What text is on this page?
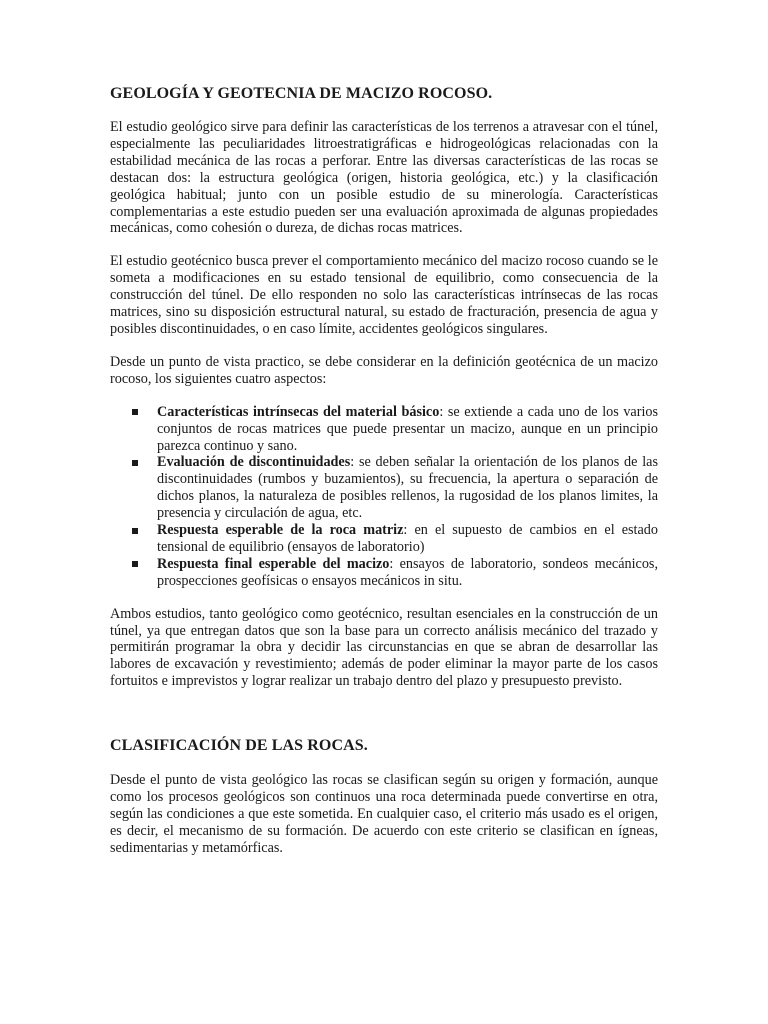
GEOLOGÍA Y GEOTECNIA DE MACIZO ROCOSO.

El estudio geológico sirve para definir las características de los terrenos a atravesar con el túnel, especialmente las peculiaridades litroestratigráficas e hidrogeológicas relacionadas con la estabilidad mecánica de las rocas a perforar. Entre las diversas características de las rocas se destacan dos: la estructura geológica (origen, historia geológica, etc.) y la clasificación geológica habitual; junto con un posible estudio de su minerología. Características complementarias a este estudio pueden ser una evaluación aproximada de algunas propiedades mecánicas, como cohesión o dureza, de dichas rocas matrices.

El estudio geotécnico busca prever el comportamiento mecánico del macizo rocoso cuando se le someta a modificaciones en su estado tensional de equilibrio, como consecuencia de la construcción del túnel. De ello responden no solo las características intrínsecas de las rocas matrices, sino su disposición estructural natural, su estado de fracturación, presencia de agua y posibles discontinuidades, o en caso límite, accidentes geológicos singulares.

Desde un punto de vista practico, se debe considerar en la definición geotécnica de un macizo rocoso, los siguientes cuatro aspectos:

Características intrínsecas del material básico: se extiende a cada uno de los varios conjuntos de rocas matrices que puede presentar un macizo, aunque en un principio parezca continuo y sano.
Evaluación de discontinuidades: se deben señalar la orientación de los planos de las discontinuidades (rumbos y buzamientos), su frecuencia, la apertura o separación de dichos planos, la naturaleza de posibles rellenos, la rugosidad de los planos limites, la presencia y circulación de agua, etc.
Respuesta esperable de la roca matriz: en el supuesto de cambios en el estado tensional de equilibrio (ensayos de laboratorio)
Respuesta final esperable del macizo: ensayos de laboratorio, sondeos mecánicos, prospecciones geofísicas o ensayos mecánicos in situ.

Ambos estudios, tanto geológico como geotécnico, resultan esenciales en la construcción de un túnel, ya que entregan datos que son la base para un correcto análisis mecánico del trazado y permitirán programar la obra y decidir las circunstancias en que se abran de desarrollar las labores de excavación y revestimiento; además de poder eliminar la mayor parte de los casos fortuitos e imprevistos y lograr realizar un trabajo dentro del plazo y presupuesto previsto.

CLASIFICACIÓN DE LAS ROCAS.

Desde el punto de vista geológico las rocas se clasifican según su origen y formación, aunque como los procesos geológicos son continuos una roca determinada puede convertirse en otra, según las condiciones a que este sometida. En cualquier caso, el criterio más usado es el origen, es decir, el mecanismo de su formación. De acuerdo con este criterio se clasifican en ígneas, sedimentarias y metamórficas.
